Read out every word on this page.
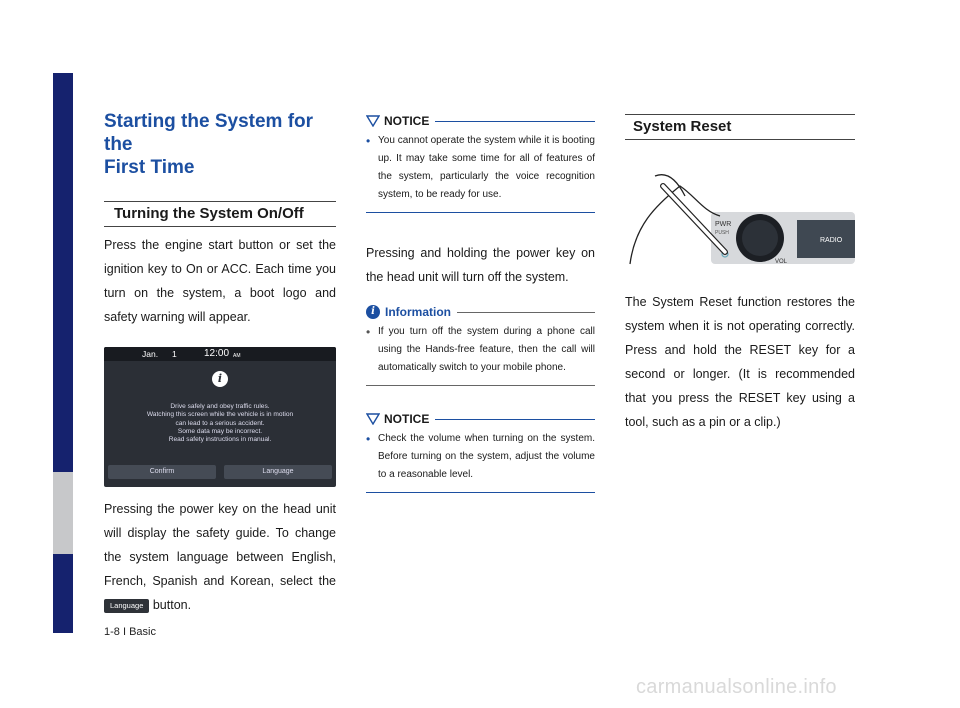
Starting the System for the
First Time
Turning the System On/Off

Press the engine start button or set the ignition key to On or ACC. Each time you turn on the system, a boot logo and safety warning will appear.

Jan. 1	12:00 AM
i
Drive safely and obey traffic rules.
Watching this screen while the vehicle is in motion
can lead to a serious accident.
Some data may be incorrect.
Read safety instructions in manual.
Confirm	Language

Pressing the power key on the head unit will display the safety guide. To change the system language between English, French, Spanish and Korean, select the Language button.

NOTICE
• You cannot operate the system while it is booting up. It may take some time for all of features of the system, particularly the voice recognition system, to be ready for use.

Pressing and holding the power key on the head unit will turn off the system.

i Information
• If you turn off the system during a phone call using the Hands-free feature, then the call will automatically switch to your mobile phone.
NOTICE
• Check the volume when turning on the system. Before turning on the system, adjust the volume to a reasonable level.
System Reset
PWR
PUSH
VOL
RADIO

The System Reset function restores the system when it is not operating correctly. Press and hold the RESET key for a second or longer. (It is recommended that you press the RESET key using a tool, such as a pin or a clip.)

1-8 I Basic
carmanualsonline.info
